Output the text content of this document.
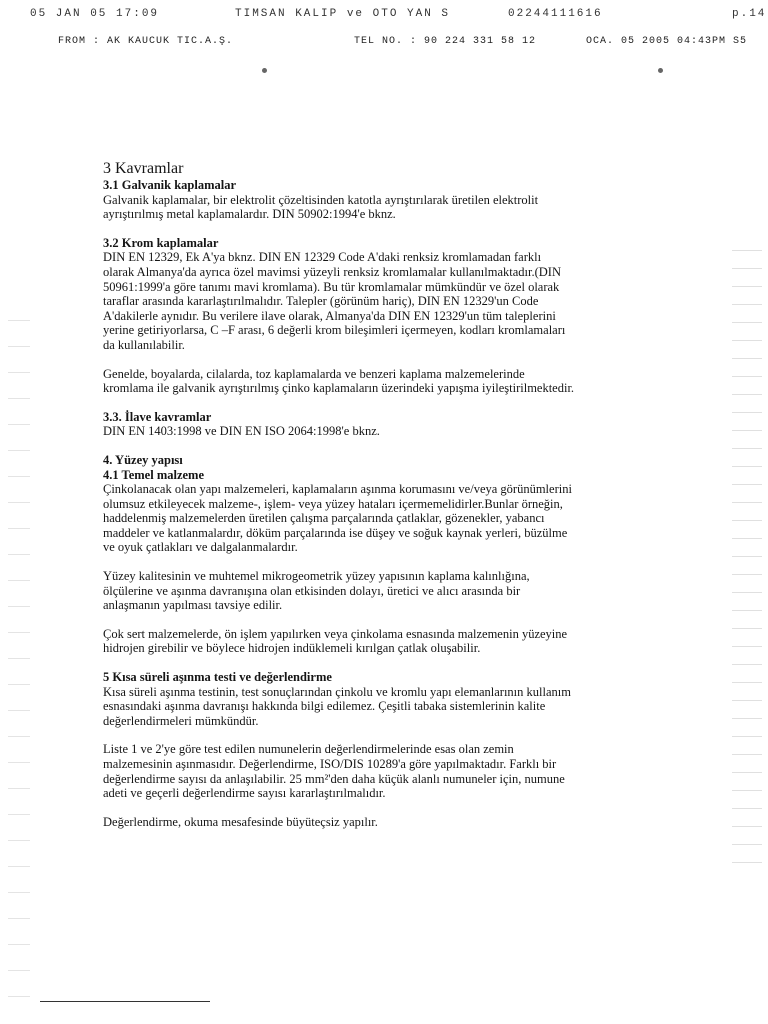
05 JAN 05 17:09	TIMSAN KALIP ve OTO YAN S	02244111616	p.14
FROM : AK KAUCUK TIC.A.Ş.	TEL NO. : 90 224 331 58 12	OCA. 05 2005 04:43PM S5

3 Kavramlar

3.1 Galvanik kaplamalar

Galvanik kaplamalar, bir elektrolit çözeltisinden katotla ayrıştırılarak üretilen elektrolit

ayrıştırılmış metal kaplamalardır. DIN 50902:1994'e bknz.

3.2 Krom kaplamalar

DIN EN 12329, Ek A'ya bknz. DIN EN 12329 Code A'daki renksiz kromlamadan farklı

olarak Almanya'da ayrıca özel mavimsi yüzeyli renksiz kromlamalar kullanılmaktadır.(DIN

50961:1999'a göre tanımı mavi kromlama). Bu tür kromlamalar mümkündür ve özel olarak

taraflar arasında kararlaştırılmalıdır. Talepler (görünüm hariç), DIN EN 12329'un Code

A'dakilerle aynıdır. Bu verilere ilave olarak, Almanya'da DIN EN 12329'un tüm taleplerini

yerine getiriyorlarsa, C –F arası, 6 değerli krom bileşimleri içermeyen, kodları kromlamaları

da kullanılabilir.

Genelde, boyalarda, cilalarda, toz kaplamalarda ve benzeri kaplama malzemelerinde

kromlama ile galvanik ayrıştırılmış çinko kaplamaların üzerindeki yapışma iyileştirilmektedir.

3.3. İlave kavramlar

DIN EN 1403:1998 ve DIN EN ISO 2064:1998'e bknz.

4. Yüzey yapısı

4.1 Temel malzeme

Çinkolanacak olan yapı malzemeleri, kaplamaların aşınma korumasını ve/veya görünümlerini

olumsuz etkileyecek malzeme-, işlem- veya yüzey hataları içermemelidirler.Bunlar örneğin,

haddelenmiş malzemelerden üretilen çalışma parçalarında çatlaklar, gözenekler, yabancı

maddeler ve katlanmalardır, döküm parçalarında ise düşey ve soğuk kaynak yerleri, büzülme

ve oyuk çatlakları ve dalgalanmalardır.

Yüzey kalitesinin ve muhtemel mikrogeometrik yüzey yapısının kaplama kalınlığına,

ölçülerine ve aşınma davranışına olan etkisinden dolayı, üretici ve alıcı arasında bir

anlaşmanın yapılması tavsiye edilir.

Çok sert malzemelerde, ön işlem yapılırken veya çinkolama esnasında malzemenin yüzeyine

hidrojen girebilir ve böylece hidrojen indüklemeli kırılgan çatlak oluşabilir.

5 Kısa süreli aşınma testi ve değerlendirme

Kısa süreli aşınma testinin, test sonuçlarından çinkolu ve kromlu yapı elemanlarının kullanım

esnasındaki aşınma davranışı hakkında bilgi edilemez. Çeşitli tabaka sistemlerinin kalite

değerlendirmeleri mümkündür.

Liste 1 ve 2'ye göre test edilen numunelerin değerlendirmelerinde esas olan zemin

malzemesinin aşınmasıdır. Değerlendirme, ISO/DIS 10289'a göre yapılmaktadır. Farklı bir

değerlendirme sayısı da anlaşılabilir. 25 mm²'den daha küçük alanlı numuneler için, numune

adeti ve geçerli değerlendirme sayısı kararlaştırılmalıdır.

Değerlendirme, okuma mesafesinde büyüteçsiz yapılır.
